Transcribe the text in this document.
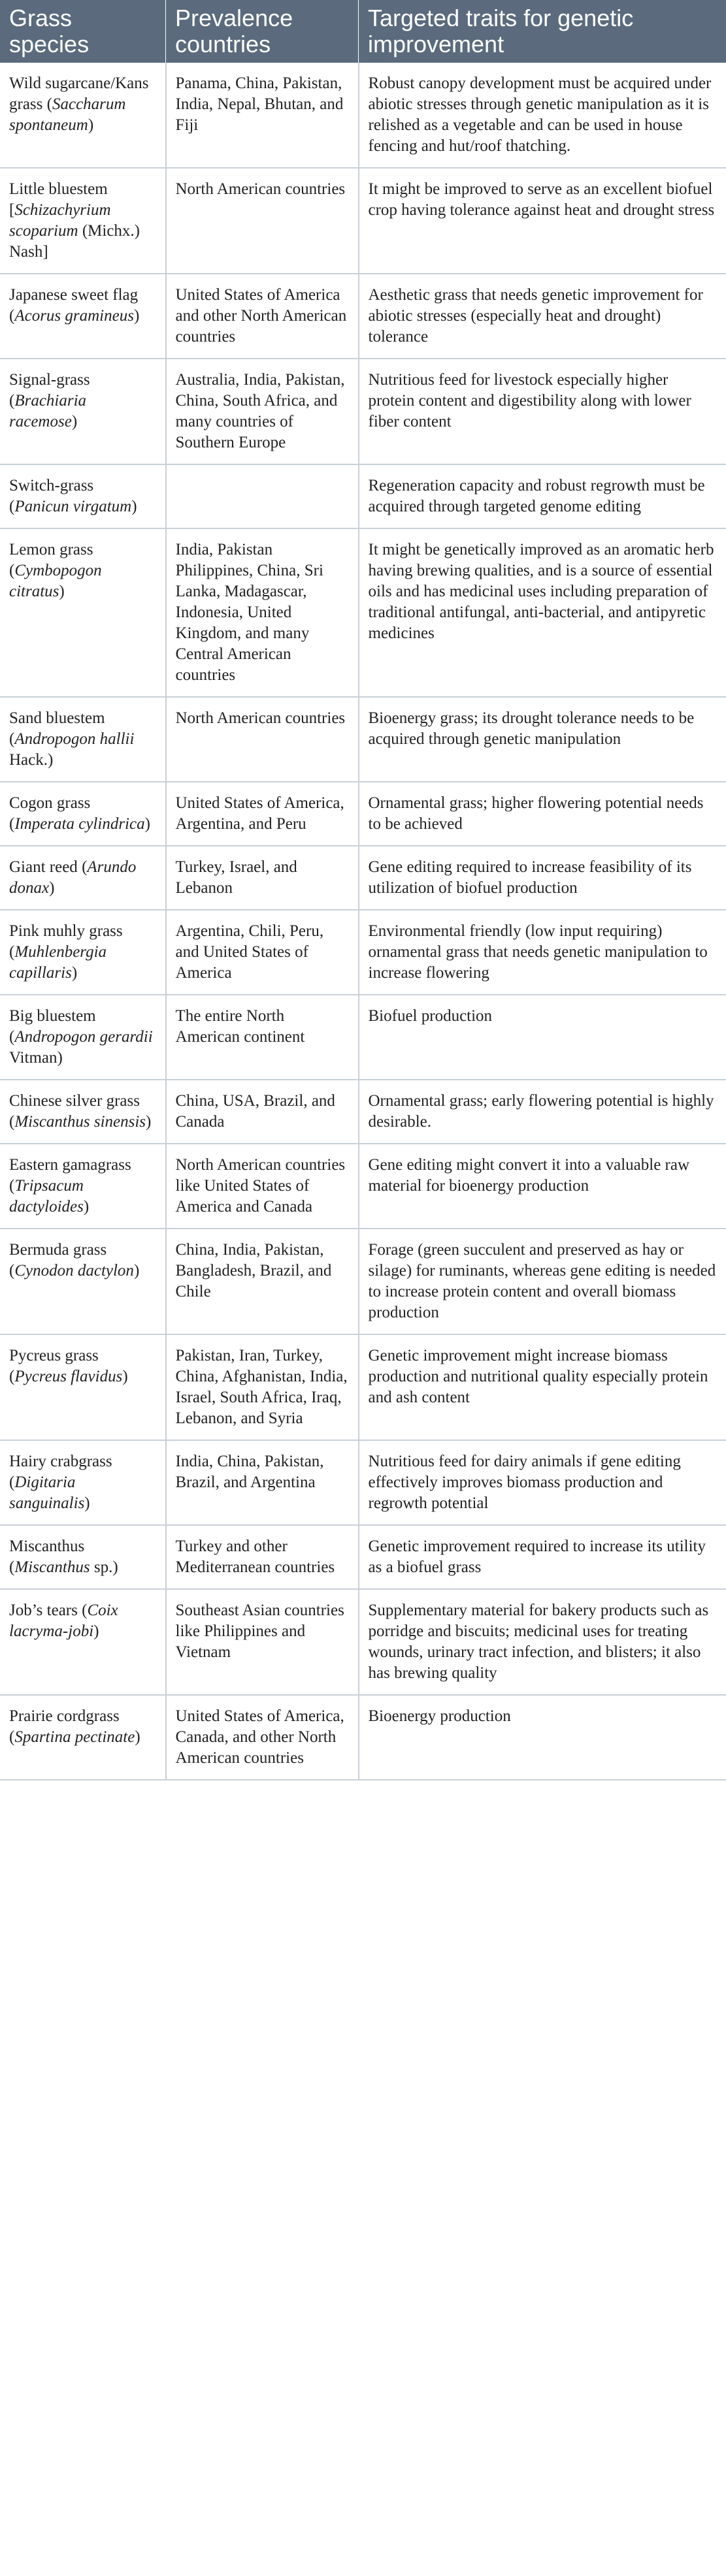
Grass species	Prevalence countries	Targeted traits for genetic improvement
Wild sugarcane/Kans grass (Saccharum spontaneum)	Panama, China, Pakistan, India, Nepal, Bhutan, and Fiji	Robust canopy development must be acquired under abiotic stresses through genetic manipulation as it is relished as a vegetable and can be used in house fencing and hut/roof thatching.
Little bluestem [Schizachyrium scoparium (Michx.) Nash]	North American countries	It might be improved to serve as an excellent biofuel crop having tolerance against heat and drought stress
Japanese sweet flag (Acorus gramineus)	United States of America and other North American countries	Aesthetic grass that needs genetic improvement for abiotic stresses (especially heat and drought) tolerance
Signal-grass (Brachiaria racemose)	Australia, India, Pakistan, China, South Africa, and many countries of Southern Europe	Nutritious feed for livestock especially higher protein content and digestibility along with lower fiber content
Switch-grass (Panicun virgatum)		Regeneration capacity and robust regrowth must be acquired through targeted genome editing
Lemon grass (Cymbopogon citratus)	India, Pakistan Philippines, China, Sri Lanka, Madagascar, Indonesia, United Kingdom, and many Central American countries	It might be genetically improved as an aromatic herb having brewing qualities, and is a source of essential oils and has medicinal uses including preparation of traditional antifungal, anti-bacterial, and antipyretic medicines
Sand bluestem (Andropogon hallii Hack.)	North American countries	Bioenergy grass; its drought tolerance needs to be acquired through genetic manipulation
Cogon grass (Imperata cylindrica)	United States of America, Argentina, and Peru	Ornamental grass; higher flowering potential needs to be achieved
Giant reed (Arundo donax)	Turkey, Israel, and Lebanon	Gene editing required to increase feasibility of its utilization of biofuel production
Pink muhly grass (Muhlenbergia capillaris)	Argentina, Chili, Peru, and United States of America	Environmental friendly (low input requiring) ornamental grass that needs genetic manipulation to increase flowering
Big bluestem (Andropogon gerardii Vitman)	The entire North American continent	Biofuel production
Chinese silver grass (Miscanthus sinensis)	China, USA, Brazil, and Canada	Ornamental grass; early flowering potential is highly desirable.
Eastern gamagrass (Tripsacum dactyloides)	North American countries like United States of America and Canada	Gene editing might convert it into a valuable raw material for bioenergy production
Bermuda grass (Cynodon dactylon)	China, India, Pakistan, Bangladesh, Brazil, and Chile	Forage (green succulent and preserved as hay or silage) for ruminants, whereas gene editing is needed to increase protein content and overall biomass production
Pycreus grass (Pycreus flavidus)	Pakistan, Iran, Turkey, China, Afghanistan, India, Israel, South Africa, Iraq, Lebanon, and Syria	Genetic improvement might increase biomass production and nutritional quality especially protein and ash content
Hairy crabgrass (Digitaria sanguinalis)	India, China, Pakistan, Brazil, and Argentina	Nutritious feed for dairy animals if gene editing effectively improves biomass production and regrowth potential
Miscanthus (Miscanthus sp.)	Turkey and other Mediterranean countries	Genetic improvement required to increase its utility as a biofuel grass
Job’s tears (Coix lacryma-jobi)	Southeast Asian countries like Philippines and Vietnam	Supplementary material for bakery products such as porridge and biscuits; medicinal uses for treating wounds, urinary tract infection, and blisters; it also has brewing quality
Prairie cordgrass (Spartina pectinate)	United States of America, Canada, and other North American countries	Bioenergy production
